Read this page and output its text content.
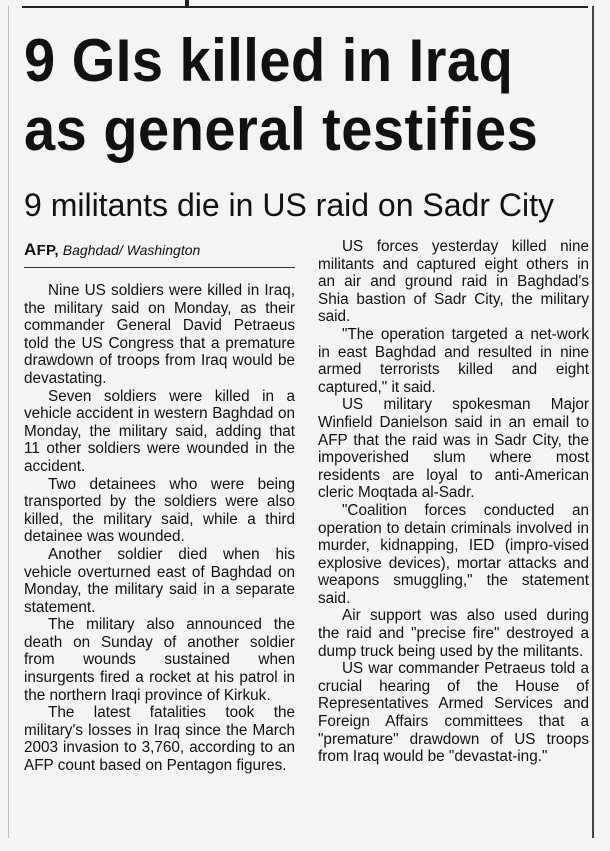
9 GIs killed in Iraq
as general testifies
9 militants die in US raid on Sadr City
AFP, Baghdad/ Washington

Nine US soldiers were killed in Iraq, the military said on Monday, as their commander General David Petraeus told the US Congress that a premature drawdown of troops from Iraq would be devastating.

Seven soldiers were killed in a vehicle accident in western Baghdad on Monday, the military said, adding that 11 other soldiers were wounded in the accident.

Two detainees who were being transported by the soldiers were also killed, the military said, while a third detainee was wounded.

Another soldier died when his vehicle overturned east of Baghdad on Monday, the military said in a separate statement.

The military also announced the death on Sunday of another soldier from wounds sustained when insurgents fired a rocket at his patrol in the northern Iraqi province of Kirkuk.

The latest fatalities took the military's losses in Iraq since the March 2003 invasion to 3,760, according to an AFP count based on Pentagon figures.

US forces yesterday killed nine militants and captured eight others in an air and ground raid in Baghdad's Shia bastion of Sadr City, the military said.

"The operation targeted a net-work in east Baghdad and resulted in nine armed terrorists killed and eight captured," it said.

US military spokesman Major Winfield Danielson said in an email to AFP that the raid was in Sadr City, the impoverished slum where most residents are loyal to anti-American cleric Moqtada al-Sadr.

"Coalition forces conducted an operation to detain criminals involved in murder, kidnapping, IED (impro-vised explosive devices), mortar attacks and weapons smuggling," the statement said.

Air support was also used during the raid and "precise fire" destroyed a dump truck being used by the militants.

US war commander Petraeus told a crucial hearing of the House of Representatives Armed Services and Foreign Affairs committees that a "premature" drawdown of US troops from Iraq would be "devastat-ing."
